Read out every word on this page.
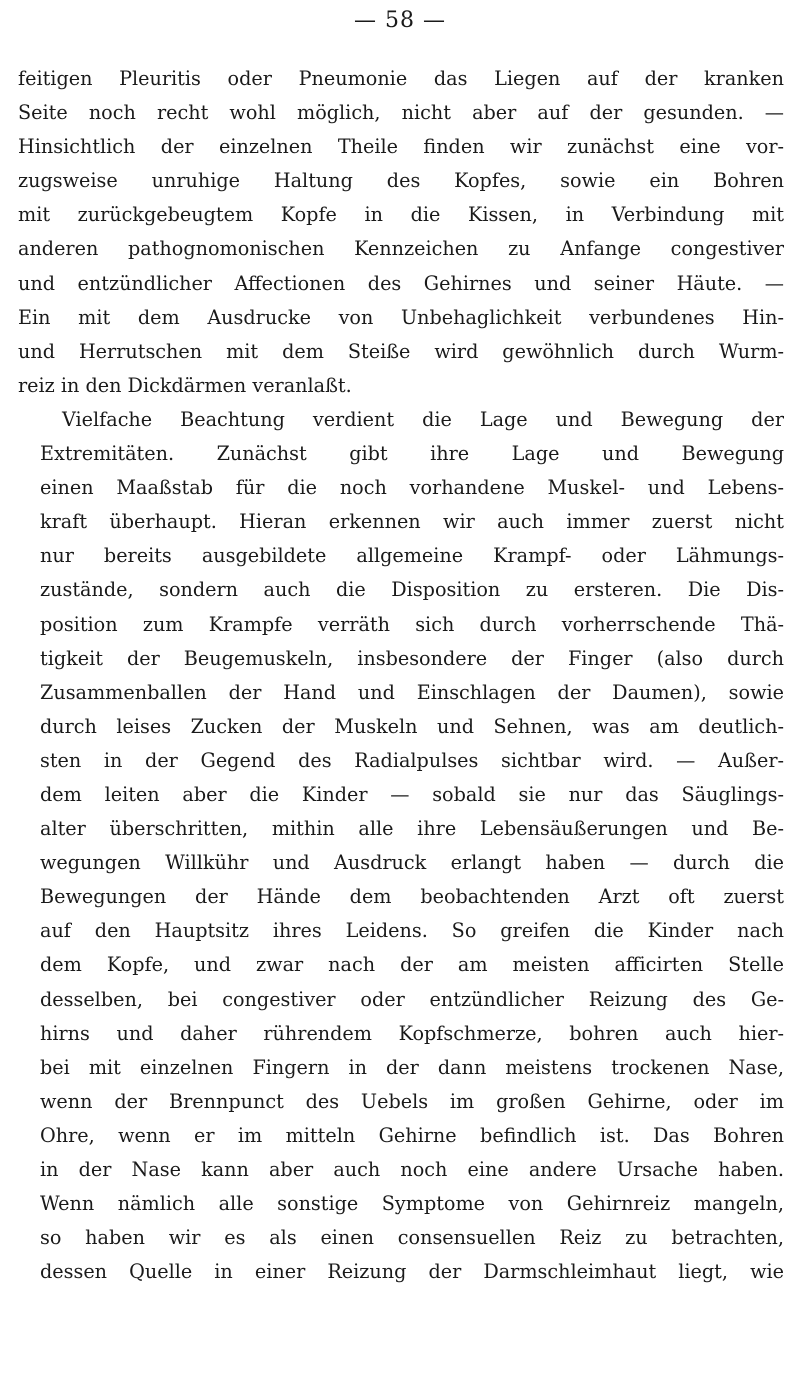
— 58 —

feitigen Pleuritis oder Pneumonie das Liegen auf der kranken
Seite noch recht wohl möglich, nicht aber auf der gesunden. —
Hinsichtlich der einzelnen Theile finden wir zunächst eine vor-
zugsweise unruhige Haltung des Kopfes, sowie ein Bohren
mit zurückgebeugtem Kopfe in die Kissen, in Verbindung mit
anderen pathognomonischen Kennzeichen zu Anfange congestiver
und entzündlicher Affectionen des Gehirnes und seiner Häute. —
Ein mit dem Ausdrucke von Unbehaglichkeit verbundenes Hin-
und Herrutschen mit dem Steiße wird gewöhnlich durch Wurm-
reiz in den Dickdärmen veranlaßt.

Vielfache Beachtung verdient die Lage und Bewegung der
Extremitäten. Zunächst gibt ihre Lage und Bewegung
einen Maaßstab für die noch vorhandene Muskel- und Lebens-
kraft überhaupt. Hieran erkennen wir auch immer zuerst nicht
nur bereits ausgebildete allgemeine Krampf- oder Lähmungs-
zustände, sondern auch die Disposition zu ersteren. Die Dis-
position zum Krampfe verräth sich durch vorherrschende Thä-
tigkeit der Beugemuskeln, insbesondere der Finger (also durch
Zusammenballen der Hand und Einschlagen der Daumen), sowie
durch leises Zucken der Muskeln und Sehnen, was am deutlich-
sten in der Gegend des Radialpulses sichtbar wird. — Außer-
dem leiten aber die Kinder — sobald sie nur das Säuglings-
alter überschritten, mithin alle ihre Lebensäußerungen und Be-
wegungen Willkühr und Ausdruck erlangt haben — durch die
Bewegungen der Hände dem beobachtenden Arzt oft zuerst
auf den Hauptsitz ihres Leidens. So greifen die Kinder nach
dem Kopfe, und zwar nach der am meisten afficirten Stelle
desselben, bei congestiver oder entzündlicher Reizung des Ge-
hirns und daher rührendem Kopfschmerze, bohren auch hier-
bei mit einzelnen Fingern in der dann meistens trockenen Nase,
wenn der Brennpunct des Uebels im großen Gehirne, oder im
Ohre, wenn er im mitteln Gehirne befindlich ist. Das Bohren
in der Nase kann aber auch noch eine andere Ursache haben.
Wenn nämlich alle sonstige Symptome von Gehirnreiz mangeln,
so haben wir es als einen consensuellen Reiz zu betrachten,
dessen Quelle in einer Reizung der Darmschleimhaut liegt, wie
